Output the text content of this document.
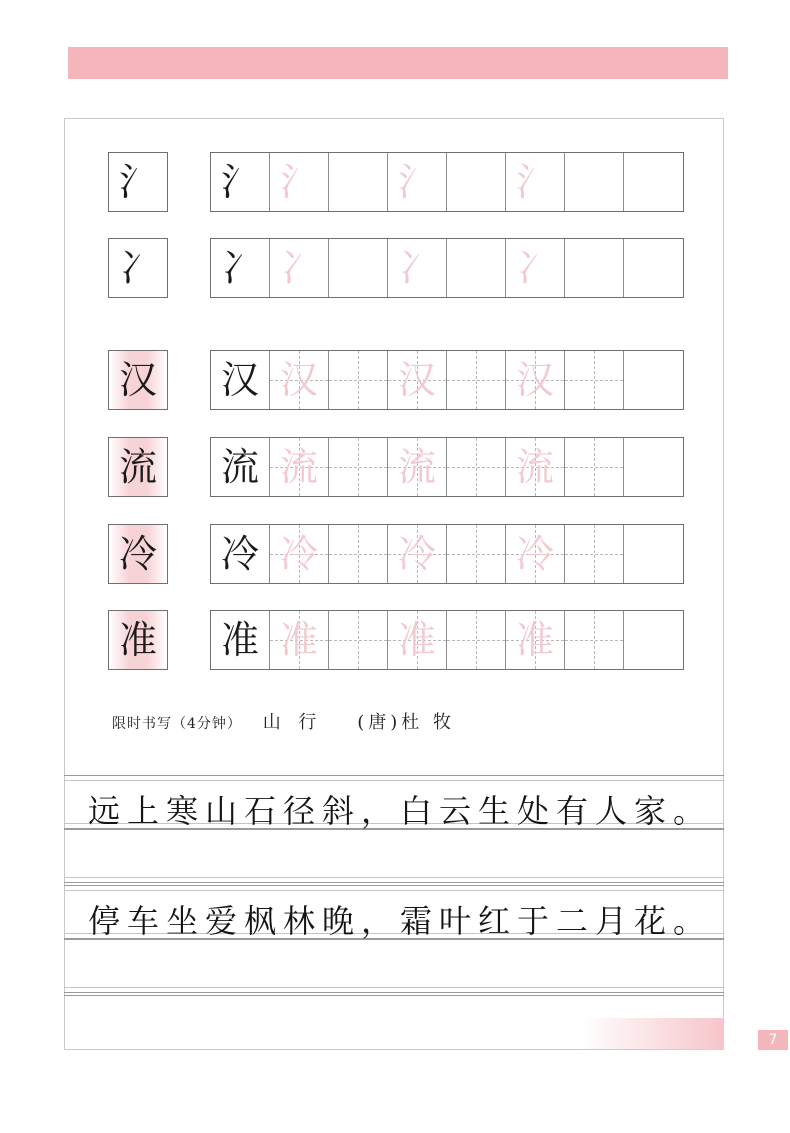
氵 氵 氵 氵 氵
冫 冫 冫 冫 冫
汉 汉 汉 汉 汉
流 流 流 流 流
冷 冷 冷 冷 冷
准 准 准 准 准
限时书写（4分钟） 山 行 (唐)杜 牧
远上寒山石径斜，白云生处有人家。
停车坐爱枫林晚，霜叶红于二月花。
7
